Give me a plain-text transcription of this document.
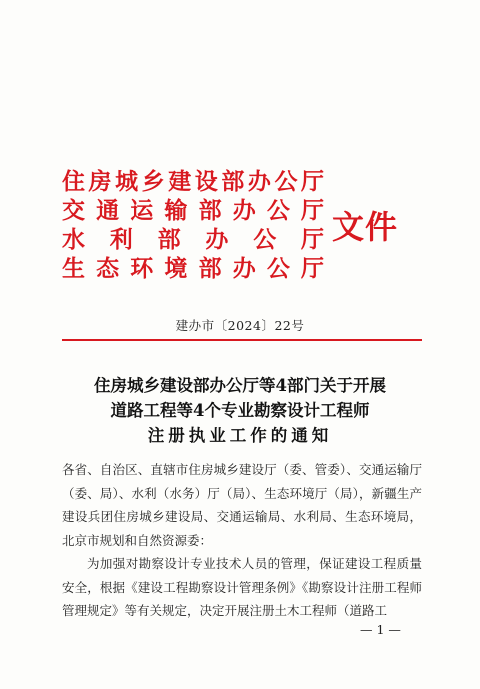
住房城乡建设部办公厅
交通运输部办公厅
水利部办公厅
生态环境部办公厅
文件
建办市〔2024〕22号
住房城乡建设部办公厅等4部门关于开展
道路工程等4个专业勘察设计工程师
注册执业工作的通知

各省、自治区、直辖市住房城乡建设厅（委、管委）、交通运输厅（委、局）、水利（水务）厅（局）、生态环境厅（局），新疆生产建设兵团住房城乡建设局、交通运输局、水利局、生态环境局，北京市规划和自然资源委：

为加强对勘察设计专业技术人员的管理，保证建设工程质量安全，根据《建设工程勘察设计管理条例》《勘察设计注册工程师管理规定》等有关规定，决定开展注册土木工程师（道路工

— 1 —
